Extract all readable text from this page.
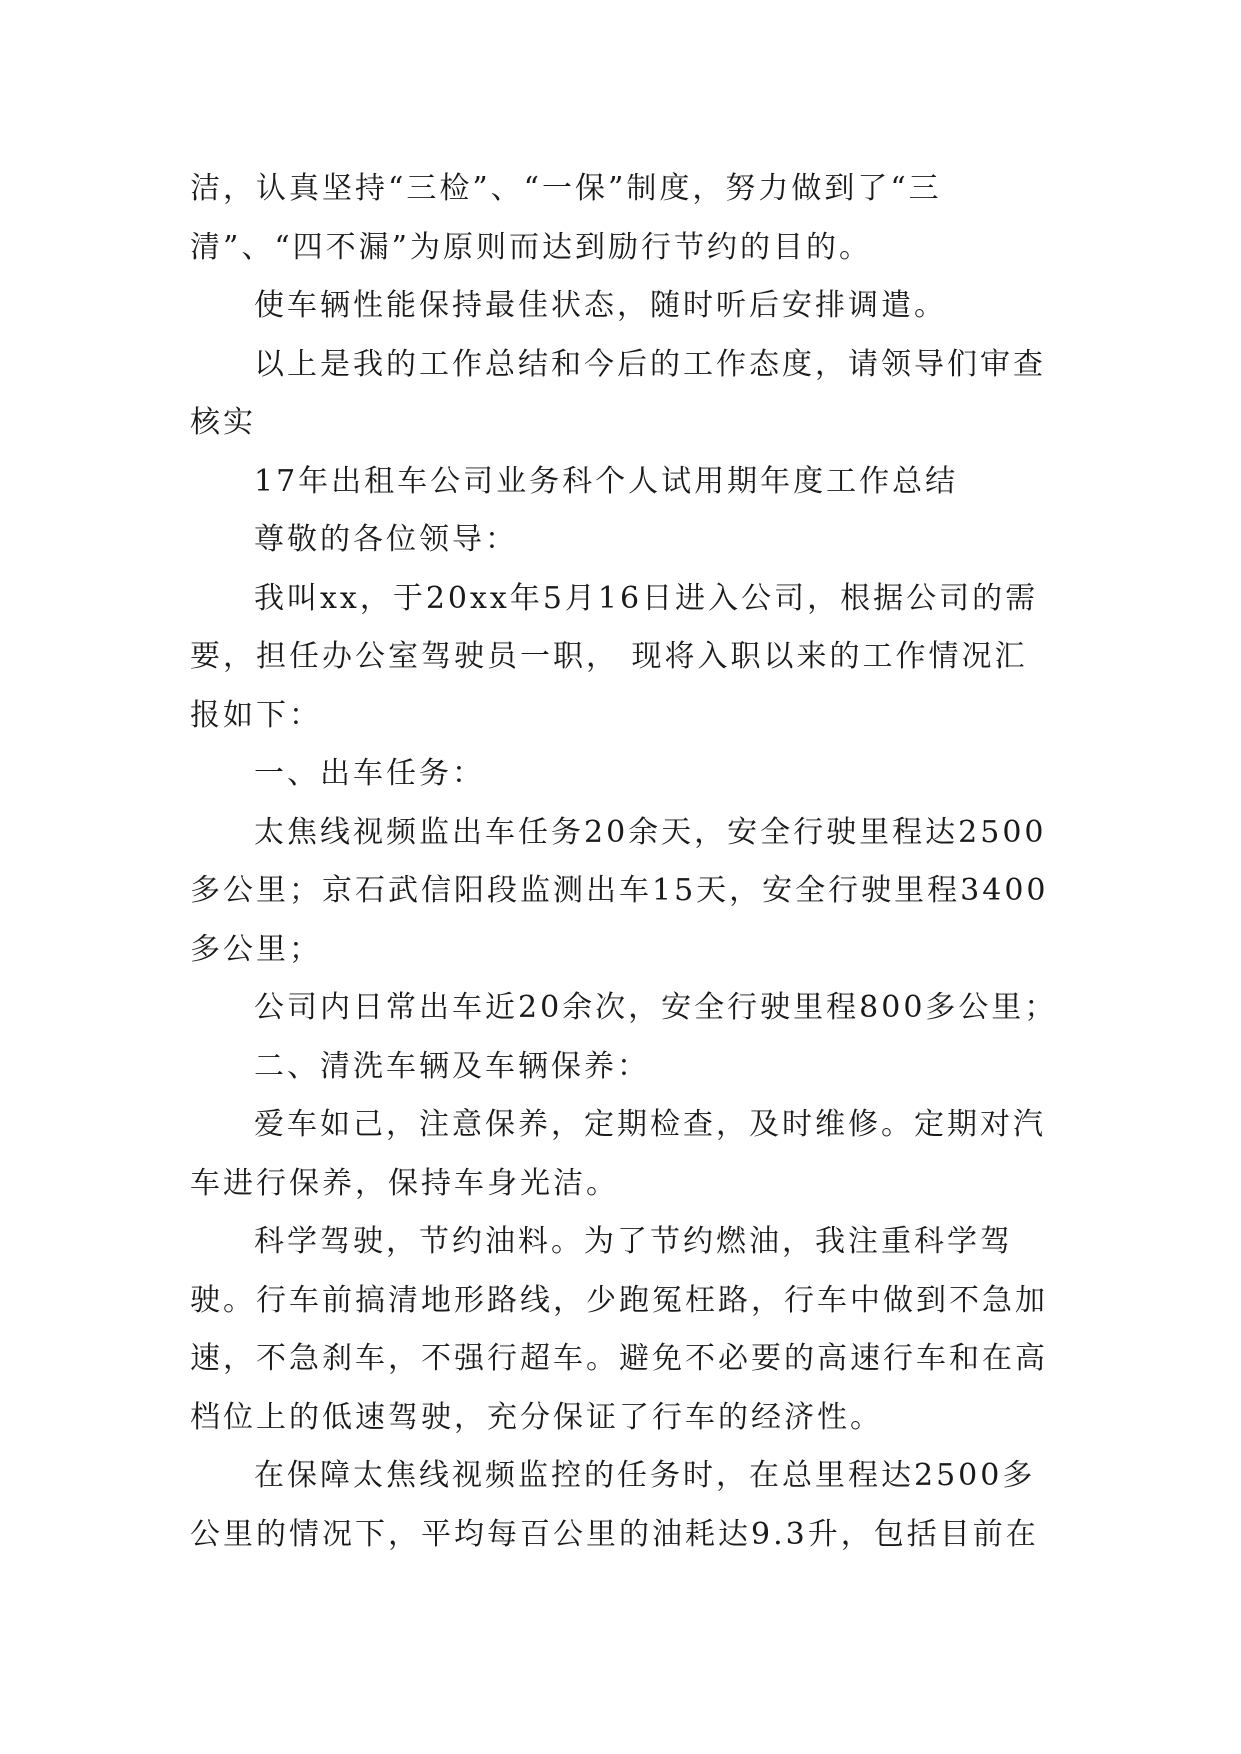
洁，认真坚持“三检”、“一保”制度，努力做到了“三清”、“四不漏”为原则而达到励行节约的目的。

使车辆性能保持最佳状态，随时听后安排调遣。

以上是我的工作总结和今后的工作态度，请领导们审查核实

17年出租车公司业务科个人试用期年度工作总结

尊敬的各位领导：

我叫xx，于20xx年5月16日进入公司，根据公司的需要，担任办公室驾驶员一职， 现将入职以来的工作情况汇报如下：

一、出车任务：

太焦线视频监出车任务20余天，安全行驶里程达2500多公里；京石武信阳段监测出车15天，安全行驶里程3400多公里；

公司内日常出车近20余次，安全行驶里程800多公里；

二、清洗车辆及车辆保养：

爱车如己，注意保养，定期检查，及时维修。定期对汽车进行保养，保持车身光洁。

科学驾驶，节约油料。为了节约燃油，我注重科学驾驶。行车前搞清地形路线，少跑冤枉路，行车中做到不急加速，不急刹车，不强行超车。避免不必要的高速行车和在高档位上的低速驾驶，充分保证了行车的经济性。

在保障太焦线视频监控的任务时，在总里程达2500多公里的情况下，平均每百公里的油耗达9.3升，包括目前在
